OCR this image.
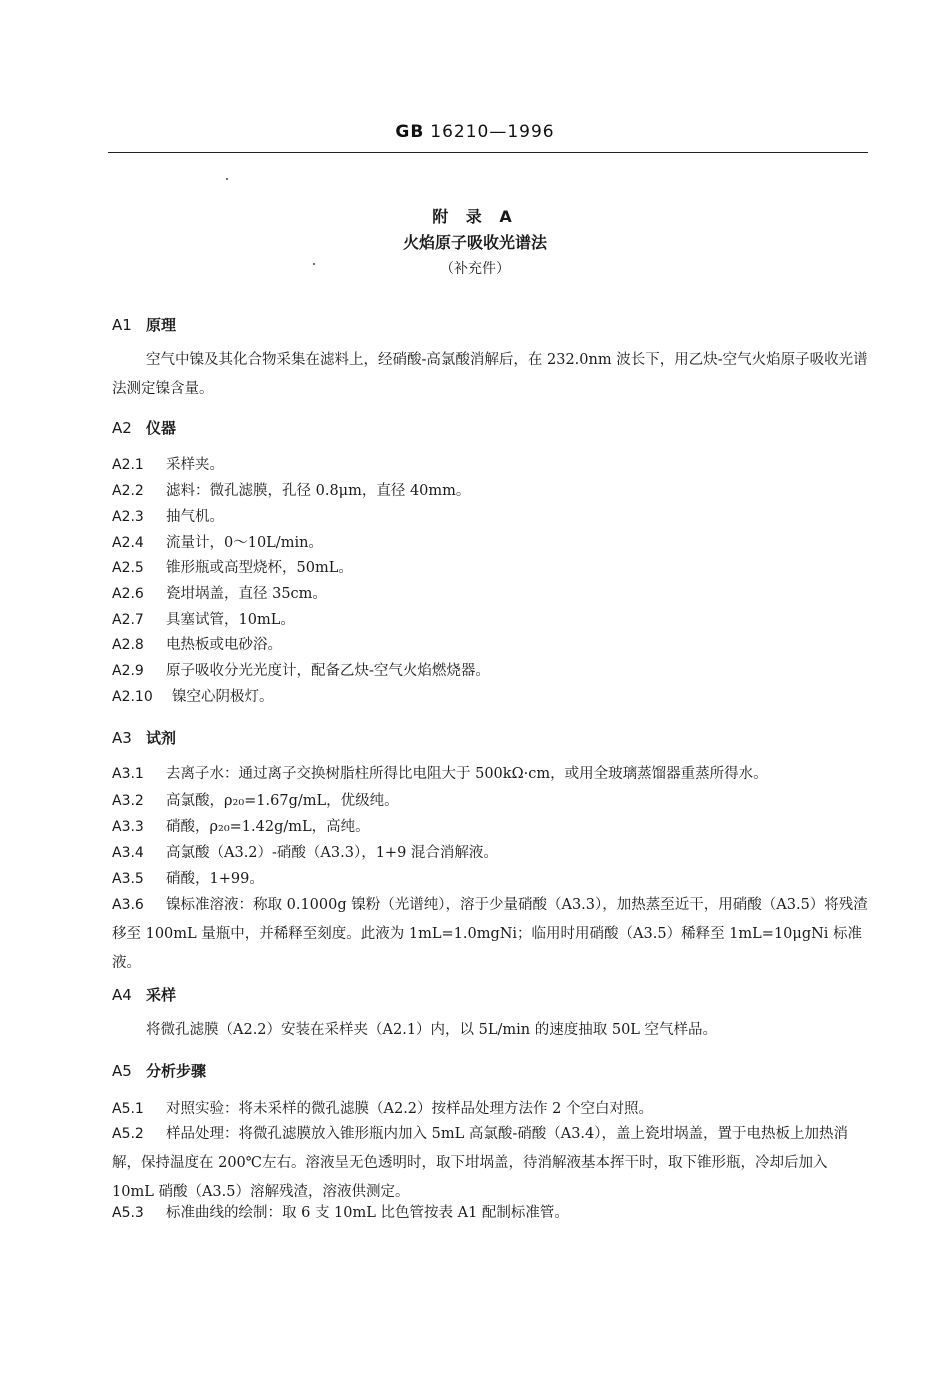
GB 16210—1996
附 录 A
火焰原子吸收光谱法
（补充件）
A1 原理
空气中镍及其化合物采集在滤料上，经硝酸-高氯酸消解后，在 232.0nm 波长下，用乙炔-空气火焰原子吸收光谱法测定镍含量。
A2 仪器
A2.1 采样夹。
A2.2 滤料：微孔滤膜，孔径 0.8μm，直径 40mm。
A2.3 抽气机。
A2.4 流量计，0～10L/min。
A2.5 锥形瓶或高型烧杯，50mL。
A2.6 瓷坩埚盖，直径 35cm。
A2.7 具塞试管，10mL。
A2.8 电热板或电砂浴。
A2.9 原子吸收分光光度计，配备乙炔-空气火焰燃烧器。
A2.10 镍空心阴极灯。
A3 试剂
A3.1 去离子水：通过离子交换树脂柱所得比电阻大于 500kΩ·cm，或用全玻璃蒸馏器重蒸所得水。
A3.2 高氯酸，ρ₂₀=1.67g/mL，优级纯。
A3.3 硝酸，ρ₂₀=1.42g/mL，高纯。
A3.4 高氯酸（A3.2）-硝酸（A3.3），1+9 混合消解液。
A3.5 硝酸，1+99。
A3.6 镍标准溶液：称取 0.1000g 镍粉（光谱纯），溶于少量硝酸（A3.3），加热蒸至近干，用硝酸（A3.5）将残渣移至 100mL 量瓶中，并稀释至刻度。此液为 1mL=1.0mgNi；临用时用硝酸（A3.5）稀释至 1mL=10μgNi 标准液。
A4 采样
将微孔滤膜（A2.2）安装在采样夹（A2.1）内，以 5L/min 的速度抽取 50L 空气样品。
A5 分析步骤
A5.1 对照实验：将未采样的微孔滤膜（A2.2）按样品处理方法作 2 个空白对照。
A5.2 样品处理：将微孔滤膜放入锥形瓶内加入 5mL 高氯酸-硝酸（A3.4），盖上瓷坩埚盖，置于电热板上加热消解，保持温度在 200℃左右。溶液呈无色透明时，取下坩埚盖，待消解液基本挥干时，取下锥形瓶，冷却后加入 10mL 硝酸（A3.5）溶解残渣，溶液供测定。
A5.3 标准曲线的绘制：取 6 支 10mL 比色管按表 A1 配制标准管。
